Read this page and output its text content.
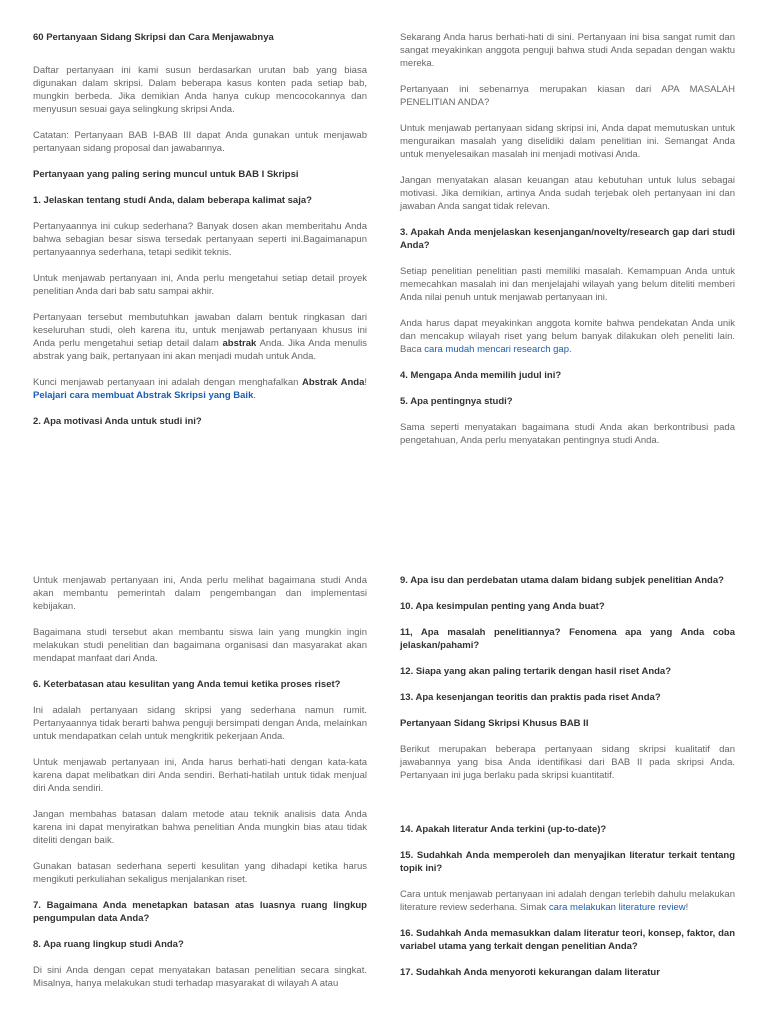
60 Pertanyaan Sidang Skripsi dan Cara Menjawabnya

Daftar pertanyaan ini kami susun berdasarkan urutan bab yang biasa digunakan dalam skripsi. Dalam beberapa kasus konten pada setiap bab, mungkin berbeda. Jika demikian Anda hanya cukup mencocokannya dan menyusun sesuai gaya selingkung skripsi Anda.

Catatan: Pertanyaan BAB I-BAB III dapat Anda gunakan untuk menjawab pertanyaan sidang proposal dan jawabannya.

Pertanyaan yang paling sering muncul untuk BAB I Skripsi

1. Jelaskan tentang studi Anda, dalam beberapa kalimat saja?

Pertanyaannya ini cukup sederhana? Banyak dosen akan memberitahu Anda bahwa sebagian besar siswa tersedak pertanyaan seperti ini.Bagaimanapun pertanyaannya sederhana, tetapi sedikit teknis.

Untuk menjawab pertanyaan ini, Anda perlu mengetahui setiap detail proyek penelitian Anda dari bab satu sampai akhir.

Pertanyaan tersebut membutuhkan jawaban dalam bentuk ringkasan dari keseluruhan studi, oleh karena itu, untuk menjawab pertanyaan khusus ini Anda perlu mengetahui setiap detail dalam abstrak Anda. Jika Anda menulis abstrak yang baik, pertanyaan ini akan menjadi mudah untuk Anda.

Kunci menjawab pertanyaan ini adalah dengan menghafalkan Abstrak Anda! Pelajari cara membuat Abstrak Skripsi yang Baik.

2. Apa motivasi Anda untuk studi ini?

Sekarang Anda harus berhati-hati di sini. Pertanyaan ini bisa sangat rumit dan sangat meyakinkan anggota penguji bahwa studi Anda sepadan dengan waktu mereka.

Pertanyaan ini sebenarnya merupakan kiasan dari APA MASALAH PENELITIAN ANDA?

Untuk menjawab pertanyaan sidang skripsi ini, Anda dapat memutuskan untuk menguraikan masalah yang diselidiki dalam penelitian ini. Semangat Anda untuk menyelesaikan masalah ini menjadi motivasi Anda.

Jangan menyatakan alasan keuangan atau kebutuhan untuk lulus sebagai motivasi. Jika demikian, artinya Anda sudah terjebak oleh pertanyaan ini dan jawaban Anda sangat tidak relevan.

3. Apakah Anda menjelaskan kesenjangan/novelty/research gap dari studi Anda?

Setiap penelitian penelitian pasti memiliki masalah. Kemampuan Anda untuk memecahkan masalah ini dan menjelajahi wilayah yang belum diteliti memberi Anda nilai penuh untuk menjawab pertanyaan ini.

Anda harus dapat meyakinkan anggota komite bahwa pendekatan Anda unik dan mencakup wilayah riset yang belum banyak dilakukan oleh peneliti lain. Baca cara mudah mencari research gap.

4. Mengapa Anda memilih judul ini?

5. Apa pentingnya studi?

Sama seperti menyatakan bagaimana studi Anda akan berkontribusi pada pengetahuan, Anda perlu menyatakan pentingnya studi Anda.

Untuk menjawab pertanyaan ini, Anda perlu melihat bagaimana studi Anda akan membantu pemerintah dalam pengembangan dan implementasi kebijakan.

Bagaimana studi tersebut akan membantu siswa lain yang mungkin ingin melakukan studi penelitian dan bagaimana organisasi dan masyarakat akan mendapat manfaat dari Anda.

6. Keterbatasan atau kesulitan yang Anda temui ketika proses riset?

Ini adalah pertanyaan sidang skripsi yang sederhana namun rumit. Pertanyaannya tidak berarti bahwa penguji bersimpati dengan Anda, melainkan untuk mendapatkan celah untuk mengkritik pekerjaan Anda.

Untuk menjawab pertanyaan ini, Anda harus berhati-hati dengan kata-kata karena dapat melibatkan diri Anda sendiri. Berhati-hatilah untuk tidak menjual diri Anda sendiri.

Jangan membahas batasan dalam metode atau teknik analisis data Anda karena ini dapat menyiratkan bahwa penelitian Anda mungkin bias atau tidak diteliti dengan baik.

Gunakan batasan sederhana seperti kesulitan yang dihadapi ketika harus mengikuti perkuliahan sekaligus menjalankan riset.

7. Bagaimana Anda menetapkan batasan atas luasnya ruang lingkup pengumpulan data Anda?

8. Apa ruang lingkup studi Anda?

Di sini Anda dengan cepat menyatakan batasan penelitian secara singkat. Misalnya, hanya melakukan studi terhadap masyarakat di wilayah A atau

9. Apa isu dan perdebatan utama dalam bidang subjek penelitian Anda?

10. Apa kesimpulan penting yang Anda buat?

11, Apa masalah penelitiannya? Fenomena apa yang Anda coba jelaskan/pahami?

12. Siapa yang akan paling tertarik dengan hasil riset Anda?

13. Apa kesenjangan teoritis dan praktis pada riset Anda?

Pertanyaan Sidang Skripsi Khusus BAB II

Berikut merupakan beberapa pertanyaan sidang skripsi kualitatif dan jawabannya yang bisa Anda identifikasi dari BAB II pada skripsi Anda. Pertanyaan ini juga berlaku pada skripsi kuantitatif.

14. Apakah literatur Anda terkini (up-to-date)?

15. Sudahkah Anda memperoleh dan menyajikan literatur terkait tentang topik ini?

Cara untuk menjawab pertanyaan ini adalah dengan terlebih dahulu melakukan literature review sederhana. Simak cara melakukan literature review!

16. Sudahkah Anda memasukkan dalam literatur teori, konsep, faktor, dan variabel utama yang terkait dengan penelitian Anda?

17. Sudahkah Anda menyoroti kekurangan dalam literatur
